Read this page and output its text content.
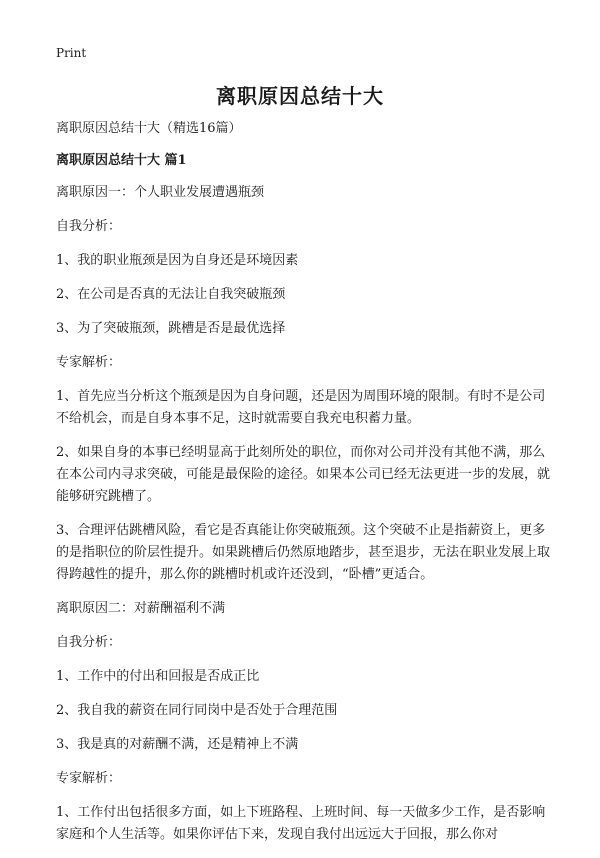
Print
离职原因总结十大

离职原因总结十大（精选16篇）

离职原因总结十大 篇1

离职原因一：个人职业发展遭遇瓶颈

自我分析：

1、我的职业瓶颈是因为自身还是环境因素

2、在公司是否真的无法让自我突破瓶颈

3、为了突破瓶颈，跳槽是否是最优选择

专家解析：

1、首先应当分析这个瓶颈是因为自身问题，还是因为周围环境的限制。有时不是公司不给机会，而是自身本事不足，这时就需要自我充电积蓄力量。

2、如果自身的本事已经明显高于此刻所处的职位，而你对公司并没有其他不满，那么在本公司内寻求突破，可能是最保险的途径。如果本公司已经无法更进一步的发展，就能够研究跳槽了。

3、合理评估跳槽风险，看它是否真能让你突破瓶颈。这个突破不止是指薪资上，更多的是指职位的阶层性提升。如果跳槽后仍然原地踏步，甚至退步，无法在职业发展上取得跨越性的提升，那么你的跳槽时机或许还没到，“卧槽”更适合。

离职原因二：对薪酬福利不满

自我分析：

1、工作中的付出和回报是否成正比

2、我自我的薪资在同行同岗中是否处于合理范围

3、我是真的对薪酬不满，还是精神上不满

专家解析：

1、工作付出包括很多方面，如上下班路程、上班时间、每一天做多少工作，是否影响家庭和个人生活等。如果你评估下来，发现自我付出远远大于回报，那么你对
